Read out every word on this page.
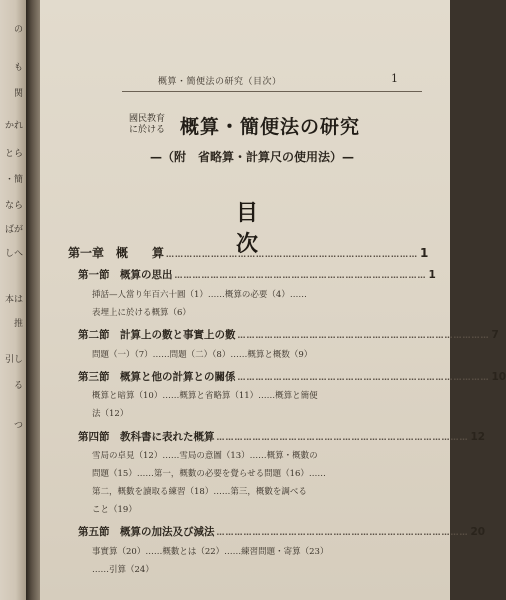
の
も
関
かれ
とら
・簡
なら
ばが
しへ
本は
推
引し
る
つ
概算・簡便法の研究（目次）	1
國民教育
に於ける 概算・簡便法の研究
—（附　省略算・計算尺の使用法）—
目　次
第一章　概　　算 ………………………………………………………………………… 1
第一節　概算の思出 ………………………………………………………………………… 1
挿話—人當り年百六十圓（1）……概算の必要（4）……
表埋上に於ける概算（6）
第二節　計算上の數と事實上の數 ………………………………………………………………………… 7
問題（一）（7）……問題（二）（8）……概算と概数（9）
第三節　概算と他の計算との關係 ………………………………………………………………………… 10
概算と暗算（10）……概算と省略算（11）……概算と簡便
法（12）
第四節　教科書に表れた概算 ………………………………………………………………………… 12
雪局の卓見（12）……雪局の意圖（13）……概算・概數の
問題（15）……第一，概數の必要を覺らせる問題（16）……
第二，概數を讀取る練習（18）……第三，概數を調べる
こと（19）
第五節　概算の加法及び減法 ………………………………………………………………………… 20
事實算（20）……概數とは（22）……練習問題・寄算（23）
……引算（24）
